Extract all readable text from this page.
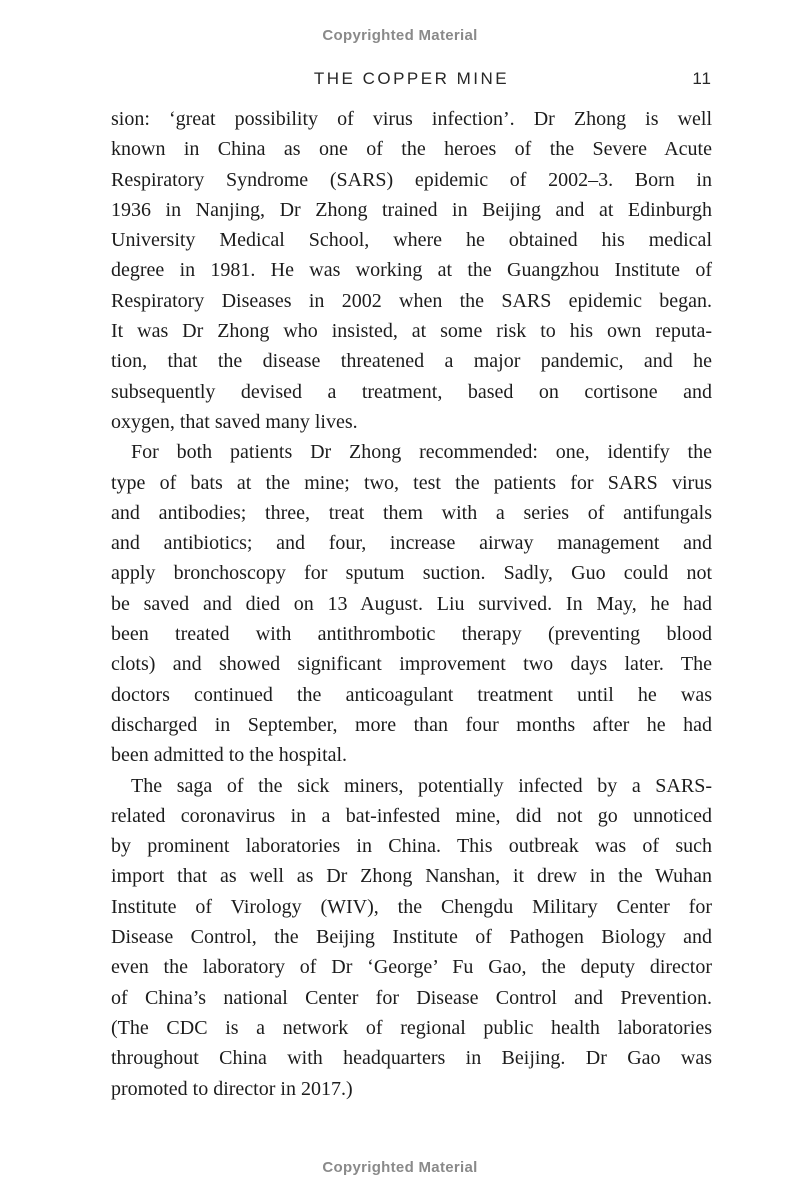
Copyrighted Material
THE COPPER MINE	11
sion: ‘great possibility of virus infection’. Dr Zhong is well
known in China as one of the heroes of the Severe Acute
Respiratory Syndrome (SARS) epidemic of 2002–3. Born in
1936 in Nanjing, Dr Zhong trained in Beijing and at Edinburgh
University Medical School, where he obtained his medical
degree in 1981. He was working at the Guangzhou Institute of
Respiratory Diseases in 2002 when the SARS epidemic began.
It was Dr Zhong who insisted, at some risk to his own reputa-
tion, that the disease threatened a major pandemic, and he
subsequently devised a treatment, based on cortisone and
oxygen, that saved many lives.
For both patients Dr Zhong recommended: one, identify the
type of bats at the mine; two, test the patients for SARS virus
and antibodies; three, treat them with a series of antifungals
and antibiotics; and four, increase airway management and
apply bronchoscopy for sputum suction. Sadly, Guo could not
be saved and died on 13 August. Liu survived. In May, he had
been treated with antithrombotic therapy (preventing blood
clots) and showed significant improvement two days later. The
doctors continued the anticoagulant treatment until he was
discharged in September, more than four months after he had
been admitted to the hospital.
The saga of the sick miners, potentially infected by a SARS-
related coronavirus in a bat-infested mine, did not go unnoticed
by prominent laboratories in China. This outbreak was of such
import that as well as Dr Zhong Nanshan, it drew in the Wuhan
Institute of Virology (WIV), the Chengdu Military Center for
Disease Control, the Beijing Institute of Pathogen Biology and
even the laboratory of Dr ‘George’ Fu Gao, the deputy director
of China’s national Center for Disease Control and Prevention.
(The CDC is a network of regional public health laboratories
throughout China with headquarters in Beijing. Dr Gao was
promoted to director in 2017.)
Copyrighted Material
